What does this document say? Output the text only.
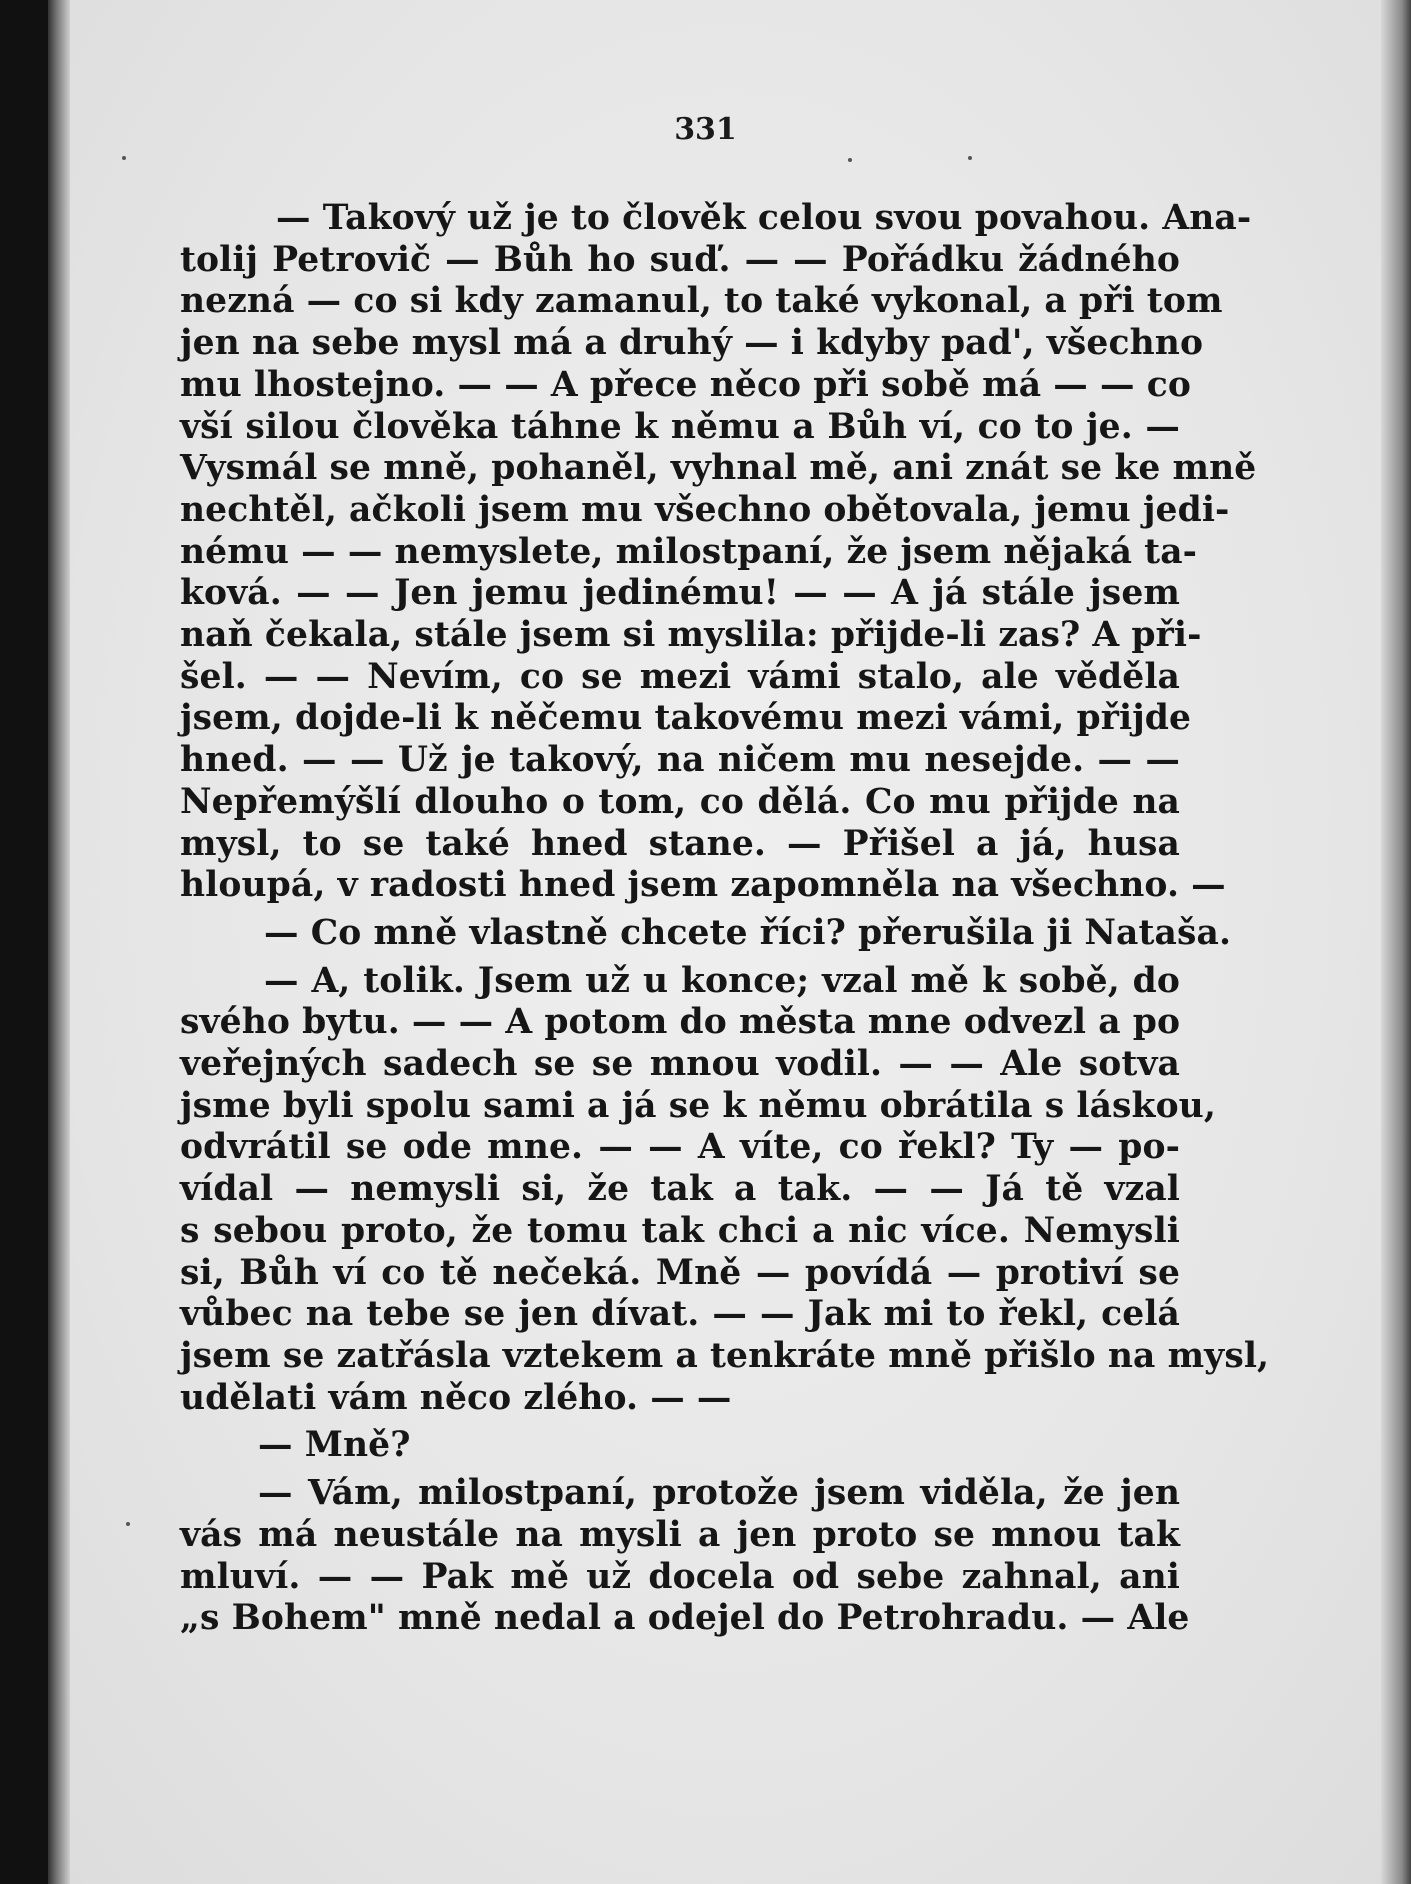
331
— Takový už je to člověk celou svou povahou. Ana-
tolij Petrovič — Bůh ho suď. — — Pořádku žádného
nezná — co si kdy zamanul, to také vykonal, a při tom
jen na sebe mysl má a druhý — i kdyby pad', všechno
mu lhostejno. — — A přece něco při sobě má — — co
vší silou člověka táhne k němu a Bůh ví, co to je. —
Vysmál se mně, pohaněl, vyhnal mě, ani znát se ke mně
nechtěl, ačkoli jsem mu všechno obětovala, jemu jedi-
nému — — nemyslete, milostpaní, že jsem nějaká ta-
ková. — — Jen jemu jedinému! — — A já stále jsem
naň čekala, stále jsem si myslila: přijde-li zas? A při-
šel. — — Nevím, co se mezi vámi stalo, ale věděla
jsem, dojde-li k něčemu takovému mezi vámi, přijde
hned. — — Už je takový, na ničem mu nesejde. — —
Nepřemýšlí dlouho o tom, co dělá. Co mu přijde na
mysl, to se také hned stane. — Přišel a já, husa
hloupá, v radosti hned jsem zapomněla na všechno. —
— Co mně vlastně chcete říci? přerušila ji Nataša.
— A, tolik. Jsem už u konce; vzal mě k sobě, do
svého bytu. — — A potom do města mne odvezl a po
veřejných sadech se se mnou vodil. — — Ale sotva
jsme byli spolu sami a já se k němu obrátila s láskou,
odvrátil se ode mne. — — A víte, co řekl? Ty — po-
vídal — nemysli si, že tak a tak. — — Já tě vzal
s sebou proto, že tomu tak chci a nic více. Nemysli
si, Bůh ví co tě nečeká. Mně — povídá — protiví se
vůbec na tebe se jen dívat. — — Jak mi to řekl, celá
jsem se zatřásla vztekem a tenkráte mně přišlo na mysl,
udělati vám něco zlého. — —
— Mně?
— Vám, milostpaní, protože jsem viděla, že jen
vás má neustále na mysli a jen proto se mnou tak
mluví. — — Pak mě už docela od sebe zahnal, ani
„s Bohem" mně nedal a odejel do Petrohradu. — Ale
